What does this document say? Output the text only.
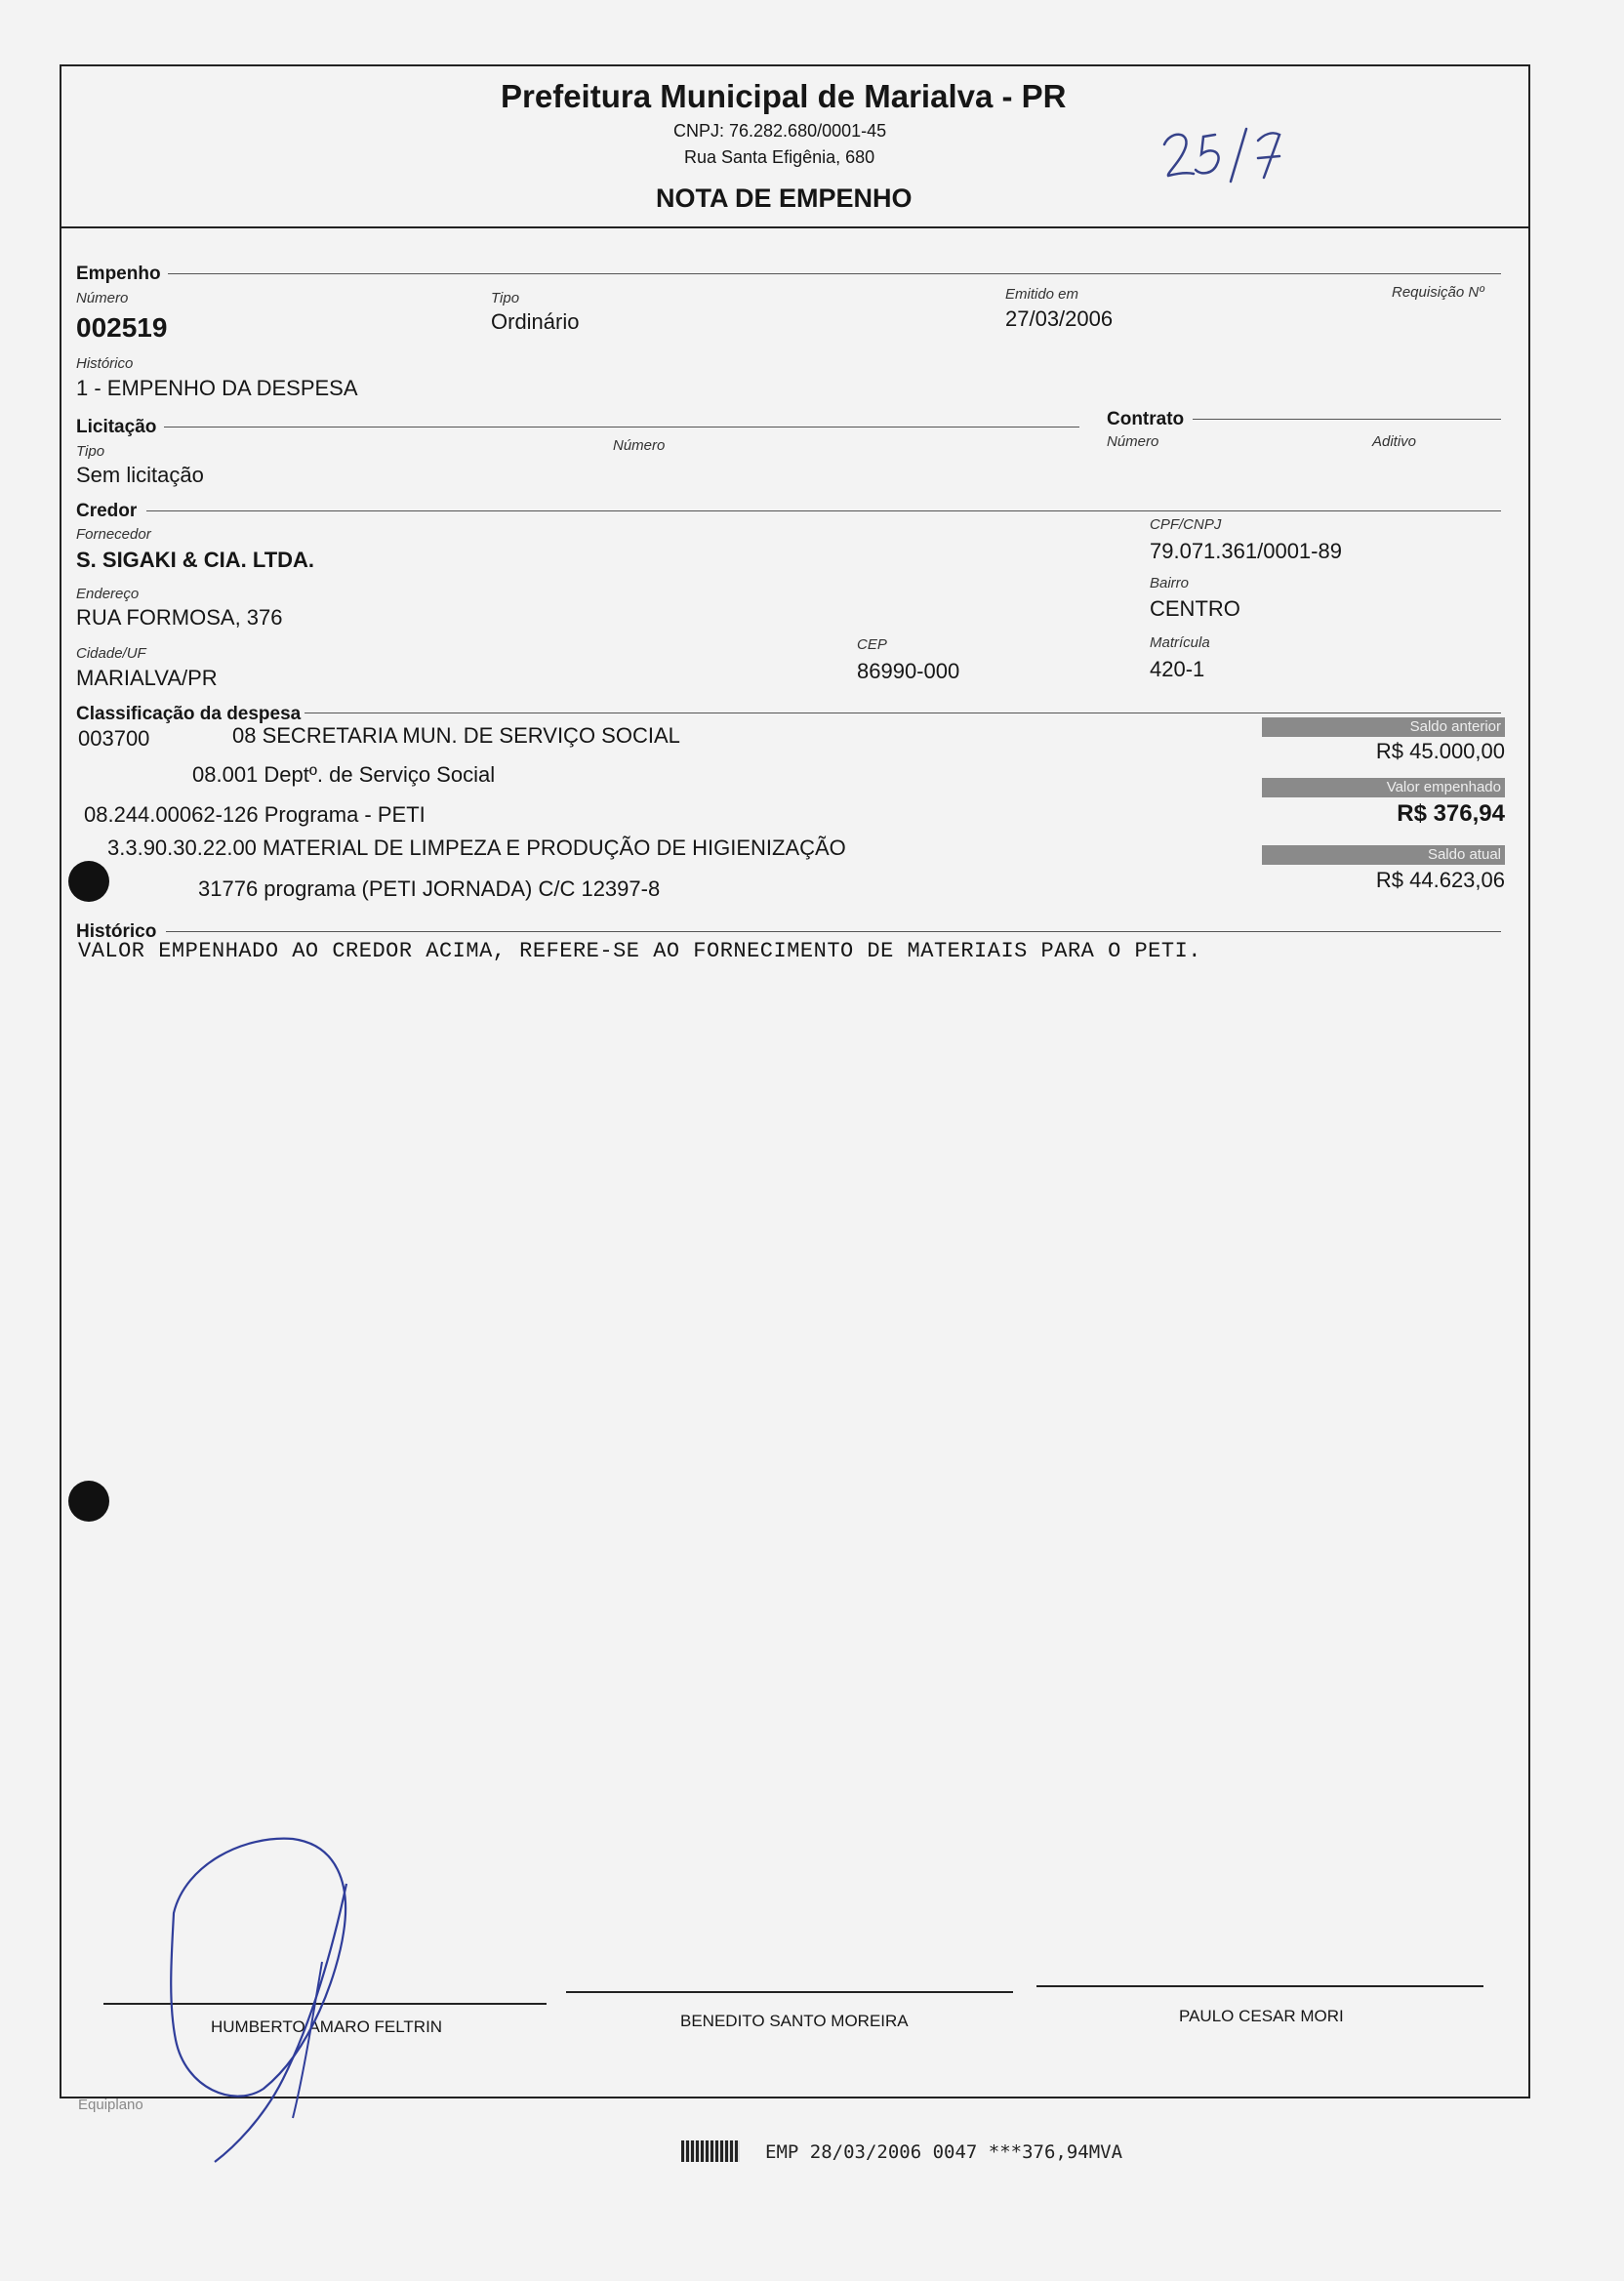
Prefeitura Municipal de Marialva - PR
CNPJ: 76.282.680/0001-45
Rua Santa Efigênia, 680
NOTA DE EMPENHO
Empenho
Número
002519
Tipo
Ordinário
Emitido em
27/03/2006
Requisição Nº
Histórico
1 - EMPENHO DA DESPESA
Licitação	Contrato
Tipo
Sem licitação
Número	Número	Aditivo
Credor
Fornecedor
S. SIGAKI & CIA. LTDA.
CPF/CNPJ
79.071.361/0001-89
Endereço
RUA FORMOSA, 376
Bairro
CENTRO
Cidade/UF
MARIALVA/PR
CEP
86990-000
Matrícula
420-1
Classificação da despesa
003700	08 SECRETARIA MUN. DE SERVIÇO SOCIAL
08.001 Deptº. de Serviço Social
08.244.00062-126 Programa - PETI
3.3.90.30.22.00 MATERIAL DE LIMPEZA E PRODUÇÃO DE HIGIENIZAÇÃO
31776 programa (PETI JORNADA) C/C 12397-8
Saldo anterior
R$ 45.000,00
Valor empenhado
R$ 376,94
Saldo atual
R$ 44.623,06
Histórico
VALOR EMPENHADO AO CREDOR ACIMA, REFERE-SE AO FORNECIMENTO DE MATERIAIS PARA O PETI.
HUMBERTO AMARO FELTRIN	BENEDITO SANTO MOREIRA	PAULO CESAR MORI
Equiplano
EMP 28/03/2006 0047 ***376,94MVA
